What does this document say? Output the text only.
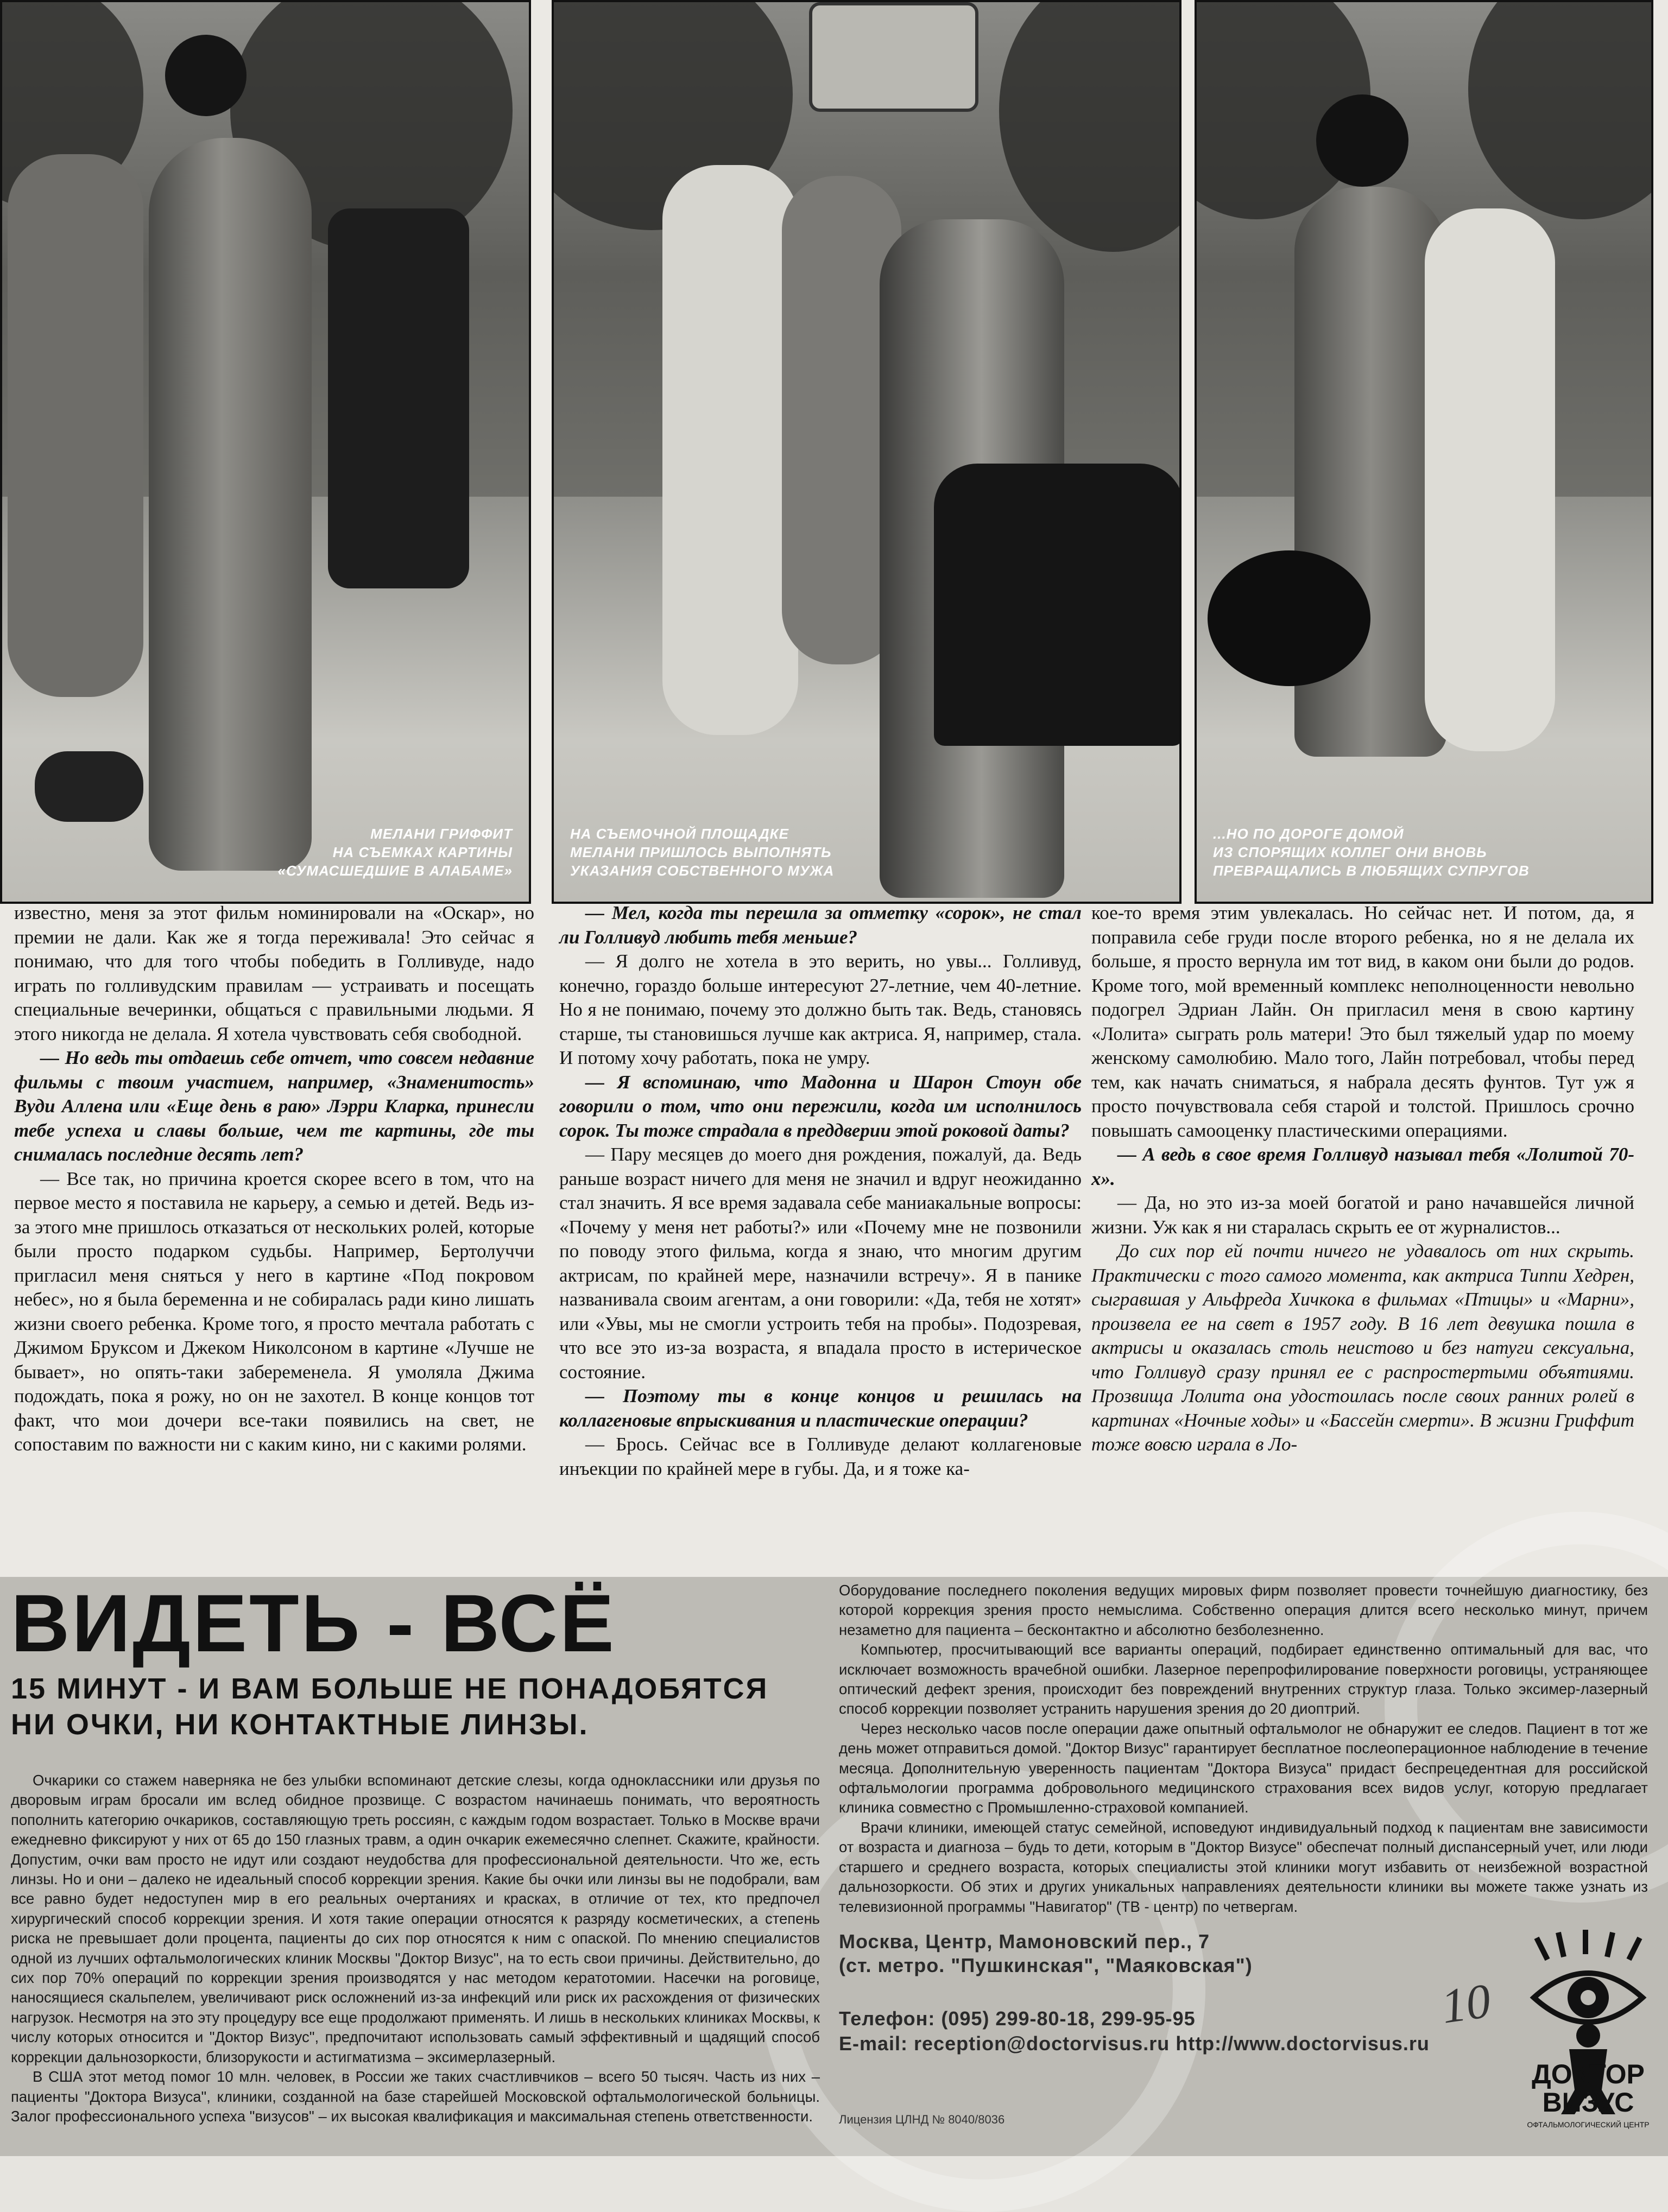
МЕЛАНИ ГРИФФИТ
НА СЪЕМКАХ КАРТИНЫ
«СУМАСШЕДШИЕ В АЛАБАМЕ»
НА СЪЕМОЧНОЙ ПЛОЩАДКЕ
МЕЛАНИ ПРИШЛОСЬ ВЫПОЛНЯТЬ
УКАЗАНИЯ СОБСТВЕННОГО МУЖА
...НО ПО ДОРОГЕ ДОМОЙ
ИЗ СПОРЯЩИХ КОЛЛЕГ ОНИ ВНОВЬ
ПРЕВРАЩАЛИСЬ В ЛЮБЯЩИХ СУПРУГОВ

известно, меня за этот фильм номинировали на «Оскар», но премии не дали. Как же я тогда переживала! Это сейчас я понимаю, что для того чтобы победить в Голливуде, надо играть по голливудским правилам — устраивать и посещать специальные вечеринки, общаться с правильными людьми. Я этого никогда не делала. Я хотела чувствовать себя свободной.

— Но ведь ты отдаешь себе отчет, что совсем недавние фильмы с твоим участием, например, «Знаменитость» Вуди Аллена или «Еще день в раю» Лэрри Кларка, принесли тебе успеха и славы больше, чем те картины, где ты снималась последние десять лет?

— Все так, но причина кроется скорее всего в том, что на первое место я поставила не карьеру, а семью и детей. Ведь из-за этого мне пришлось отказаться от нескольких ролей, которые были просто подарком судьбы. Например, Бертолуччи пригласил меня сняться у него в картине «Под покровом небес», но я была беременна и не собиралась ради кино лишать жизни своего ребенка. Кроме того, я просто мечтала работать с Джимом Бруксом и Джеком Николсоном в картине «Лучше не бывает», но опять-таки забеременела. Я умоляла Джима подождать, пока я рожу, но он не захотел. В конце концов тот факт, что мои дочери все-таки появились на свет, не сопоставим по важности ни с каким кино, ни с какими ролями.

— Мел, когда ты перешла за отметку «сорок», не стал ли Голливуд любить тебя меньше?

— Я долго не хотела в это верить, но увы... Голливуд, конечно, гораздо больше интересуют 27-летние, чем 40-летние. Но я не понимаю, почему это должно быть так. Ведь, становясь старше, ты становишься лучше как актриса. Я, например, стала. И потому хочу работать, пока не умру.

— Я вспоминаю, что Мадонна и Шарон Стоун обе говорили о том, что они пережили, когда им исполнилось сорок. Ты тоже страдала в преддверии этой роковой даты?

— Пару месяцев до моего дня рождения, пожалуй, да. Ведь раньше возраст ничего для меня не значил и вдруг неожиданно стал значить. Я все время задавала себе маниакальные вопросы: «Почему у меня нет работы?» или «Почему мне не позвонили по поводу этого фильма, когда я знаю, что многим другим актрисам, по крайней мере, назначили встречу». Я в панике названивала своим агентам, а они говорили: «Да, тебя не хотят» или «Увы, мы не смогли устроить тебя на пробы». Подозревая, что все это из-за возраста, я впадала просто в истерическое состояние.

— Поэтому ты в конце концов и решилась на коллагеновые впрыскивания и пластические операции?

— Брось. Сейчас все в Голливуде делают коллагеновые инъекции по крайней мере в губы. Да, и я тоже ка-

кое-то время этим увлекалась. Но сейчас нет. И потом, да, я поправила себе груди после второго ребенка, но я не делала их больше, я просто вернула им тот вид, в каком они были до родов. Кроме того, мой временный комплекс неполноценности невольно подогрел Эдриан Лайн. Он пригласил меня в свою картину «Лолита» сыграть роль матери! Это был тяжелый удар по моему женскому самолюбию. Мало того, Лайн потребовал, чтобы перед тем, как начать сниматься, я набрала десять фунтов. Тут уж я просто почувствовала себя старой и толстой. Пришлось срочно повышать самооценку пластическими операциями.

— А ведь в свое время Голливуд называл тебя «Лолитой 70-х».

— Да, но это из-за моей богатой и рано начавшейся личной жизни. Уж как я ни старалась скрыть ее от журналистов...

До сих пор ей почти ничего не удавалось от них скрыть. Практически с того самого момента, как актриса Типпи Хедрен, сыгравшая у Альфреда Хичкока в фильмах «Птицы» и «Марни», произвела ее на свет в 1957 году. В 16 лет девушка пошла в актрисы и оказалась столь неистово и без натуги сексуальна, что Голливуд сразу принял ее с распростертыми объятиями. Прозвища Лолита она удостоилась после своих ранних ролей в картинах «Ночные ходы» и «Бассейн смерти». В жизни Гриффит тоже вовсю играла в Ло-

ВИДЕТЬ - ВСЁ
15 МИНУТ - И ВАМ БОЛЬШЕ НЕ ПОНАДОБЯТСЯ
НИ ОЧКИ, НИ КОНТАКТНЫЕ ЛИНЗЫ.

Очкарики со стажем наверняка не без улыбки вспоминают детские слезы, когда одноклассники или друзья по дворовым играм бросали им вслед обидное прозвище. С возрастом начинаешь понимать, что вероятность пополнить категорию очкариков, составляющую треть россиян, с каждым годом возрастает. Только в Москве врачи ежедневно фиксируют у них от 65 до 150 глазных травм, а один очкарик ежемесячно слепнет. Скажите, крайности. Допустим, очки вам просто не идут или создают неудобства для профессиональной деятельности. Что же, есть линзы. Но и они – далеко не идеальный способ коррекции зрения. Какие бы очки или линзы вы не подобрали, вам все равно будет недоступен мир в его реальных очертаниях и красках, в отличие от тех, кто предпочел хирургический способ коррекции зрения. И хотя такие операции относятся к разряду косметических, а степень риска не превышает доли процента, пациенты до сих пор относятся к ним с опаской. По мнению специалистов одной из лучших офтальмологических клиник Москвы "Доктор Визус", на то есть свои причины. Действительно, до сих пор 70% операций по коррекции зрения производятся у нас методом кератотомии. Насечки на роговице, наносящиеся скальпелем, увеличивают риск осложнений из-за инфекций или риск их расхождения от физических нагрузок. Несмотря на это эту процедуру все еще продолжают применять. И лишь в нескольких клиниках Москвы, к числу которых относится и "Доктор Визус", предпочитают использовать самый эффективный и щадящий способ коррекции дальнозоркости, близорукости и астигматизма – эксимерлазерный.

В США этот метод помог 10 млн. человек, в России же таких счастливчиков – всего 50 тысяч. Часть из них – пациенты "Доктора Визуса", клиники, созданной на базе старейшей Московской офтальмологической больницы. Залог профессионального успеха "визусов" – их высокая квалификация и максимальная степень ответственности.

Оборудование последнего поколения ведущих мировых фирм позволяет провести точнейшую диагностику, без которой коррекция зрения просто немыслима. Собственно операция длится всего несколько минут, причем незаметно для пациента – бесконтактно и абсолютно безболезненно.

Компьютер, просчитывающий все варианты операций, подбирает единственно оптимальный для вас, что исключает возможность врачебной ошибки. Лазерное перепрофилирование поверхности роговицы, устраняющее оптический дефект зрения, происходит без повреждений внутренних структур глаза. Только эксимер-лазерный способ коррекции позволяет устранить нарушения зрения до 20 диоптрий.

Через несколько часов после операции даже опытный офтальмолог не обнаружит ее следов. Пациент в тот же день может отправиться домой. "Доктор Визус" гарантирует бесплатное послеоперационное наблюдение в течение месяца. Дополнительную уверенность пациентам "Доктора Визуса" придаст беспрецедентная для российской офтальмологии программа добровольного медицинского страхования всех видов услуг, которую предлагает клиника совместно с Промышленно-страховой компанией.

Врачи клиники, имеющей статус семейной, исповедуют индивидуальный подход к пациентам вне зависимости от возраста и диагноза – будь то дети, которым в "Доктор Визусе" обеспечат полный диспансерный учет, или люди старшего и среднего возраста, которых специалисты этой клиники могут избавить от неизбежной возрастной дальнозоркости. Об этих и других уникальных направлениях деятельности клиники вы можете также узнать из телевизионной программы "Навигатор" (ТВ - центр) по четвергам.

Москва, Центр, Мамоновский пер., 7
(ст. метро. "Пушкинская", "Маяковская")
Телефон: (095) 299-80-18, 299-95-95
E-mail: reception@doctorvisus.ru http://www.doctorvisus.ru
Лицензия ЦЛНД № 8040/8036
10
ДОКТОР
ВИЗУС
ОФТАЛЬМОЛОГИЧЕСКИЙ ЦЕНТР
